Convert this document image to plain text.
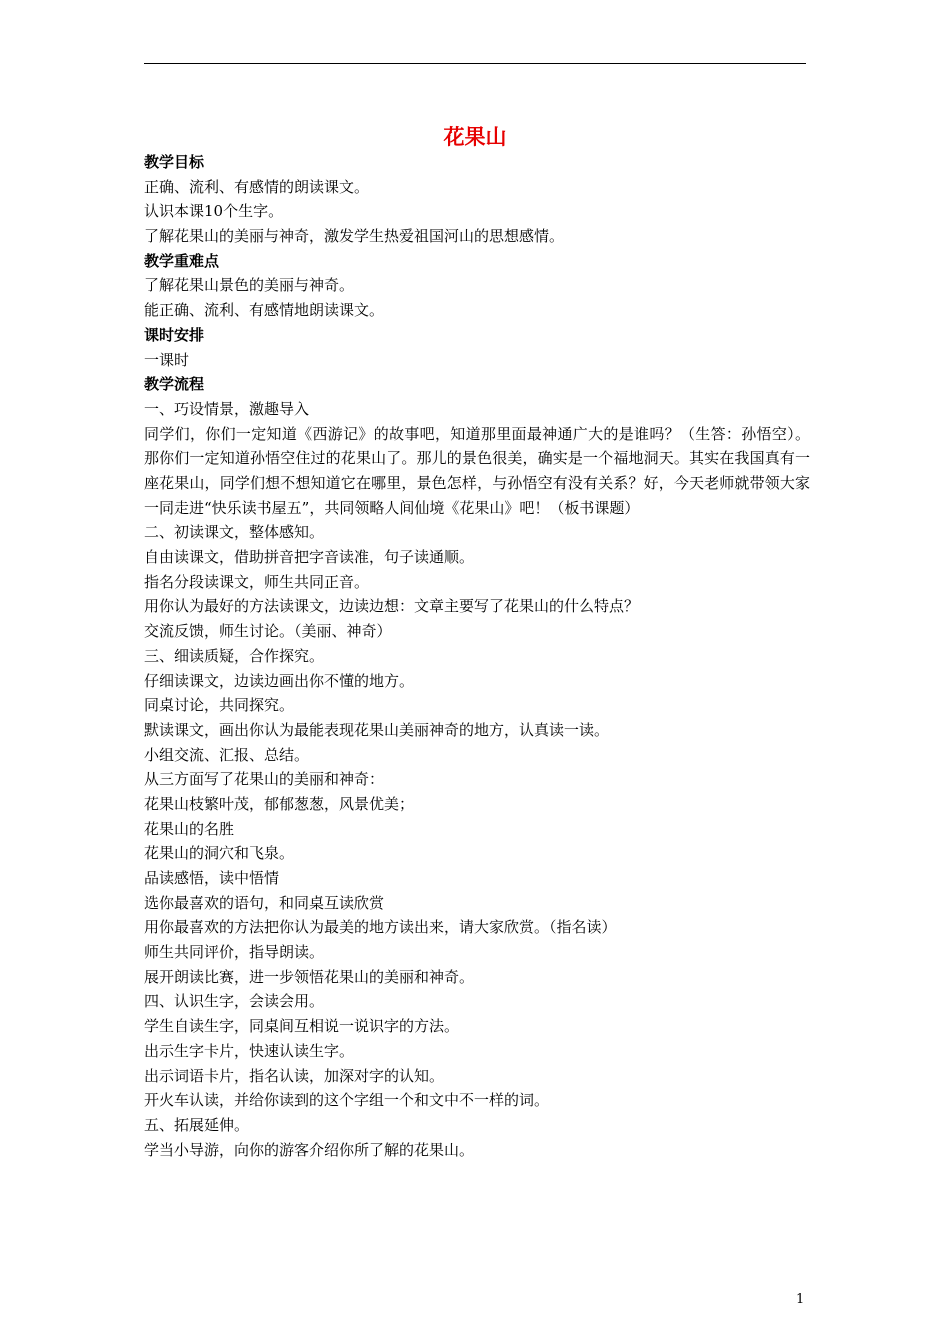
花果山
教学目标
正确、流利、有感情的朗读课文。
认识本课10个生字。
了解花果山的美丽与神奇，激发学生热爱祖国河山的思想感情。
教学重难点
了解花果山景色的美丽与神奇。
能正确、流利、有感情地朗读课文。
课时安排
一课时
教学流程
一、巧设情景，激趣导入
同学们，你们一定知道《西游记》的故事吧，知道那里面最神通广大的是谁吗？（生答：孙悟空）。那你们一定知道孙悟空住过的花果山了。那儿的景色很美，确实是一个福地洞天。其实在我国真有一座花果山，同学们想不想知道它在哪里，景色怎样，与孙悟空有没有关系？好，今天老师就带领大家一同走进“快乐读书屋五”，共同领略人间仙境《花果山》吧！（板书课题）
二、初读课文，整体感知。
自由读课文，借助拼音把字音读准，句子读通顺。
指名分段读课文，师生共同正音。
用你认为最好的方法读课文，边读边想：文章主要写了花果山的什么特点？
交流反馈，师生讨论。（美丽、神奇）
三、细读质疑，合作探究。
仔细读课文，边读边画出你不懂的地方。
同桌讨论，共同探究。
默读课文，画出你认为最能表现花果山美丽神奇的地方，认真读一读。
小组交流、汇报、总结。
从三方面写了花果山的美丽和神奇：
花果山枝繁叶茂，郁郁葱葱，风景优美；
花果山的名胜
花果山的洞穴和飞泉。
品读感悟，读中悟情
选你最喜欢的语句，和同桌互读欣赏
用你最喜欢的方法把你认为最美的地方读出来，请大家欣赏。（指名读）
师生共同评价，指导朗读。
展开朗读比赛，进一步领悟花果山的美丽和神奇。
四、认识生字，会读会用。
学生自读生字，同桌间互相说一说识字的方法。
出示生字卡片，快速认读生字。
出示词语卡片，指名认读，加深对字的认知。
开火车认读，并给你读到的这个字组一个和文中不一样的词。
五、拓展延伸。
学当小导游，向你的游客介绍你所了解的花果山。
1
